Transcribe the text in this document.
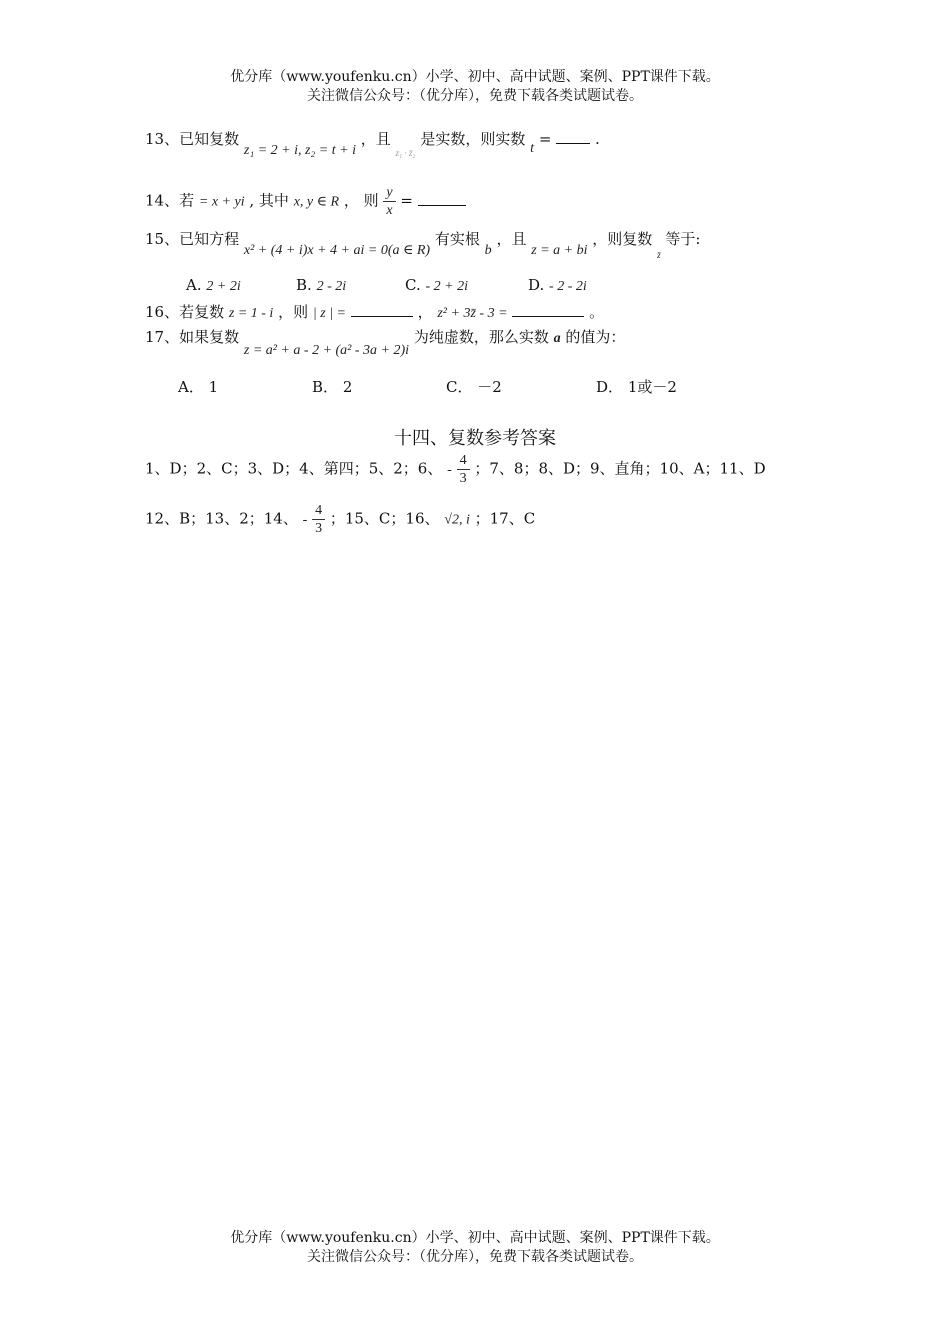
优分库（www.youfenku.cn）小学、初中、高中试题、案例、PPT课件下载。
关注微信公众号：（优分库），免费下载各类试题试卷。
13、已知复数 z₁ = 2 + i, z₂ = t + i ，且 $_{z_1 \cdot z̄_2}$ 是实数，则实数 t =	.
14、若 = x + yi , 其中 x, y ∈ R ， 则 $\frac{y}{x}$ =
15、已知方程 x² + (4 + i)x + 4 + ai = 0(a ∈ R) 有实根 b ，且 z = a + bi ，则复数 $_{z̄}$ 等于:
A. 2 + 2i	B. 2 - 2i	C. - 2 + 2i	D. - 2 - 2i
16、若复数 z = 1 - i ，则 | z | =	， z² + 3z̄ - 3 =	。
17、如果复数 z = a² + a - 2 + (a² - 3a + 2)i 为纯虚数，那么实数 a 的值为：
A． 1	B． 2	C． －2	D． 1或－2
十四、复数参考答案
1、D；2、C；3、D；4、第四；5、2；6、 - $\frac{4}{3}$ ；7、8；8、D；9、直角；10、A；11、D
12、B；13、2；14、 - $\frac{4}{3}$ ；15、C；16、 √2, i ；17、C
优分库（www.youfenku.cn）小学、初中、高中试题、案例、PPT课件下载。
关注微信公众号：（优分库），免费下载各类试题试卷。
